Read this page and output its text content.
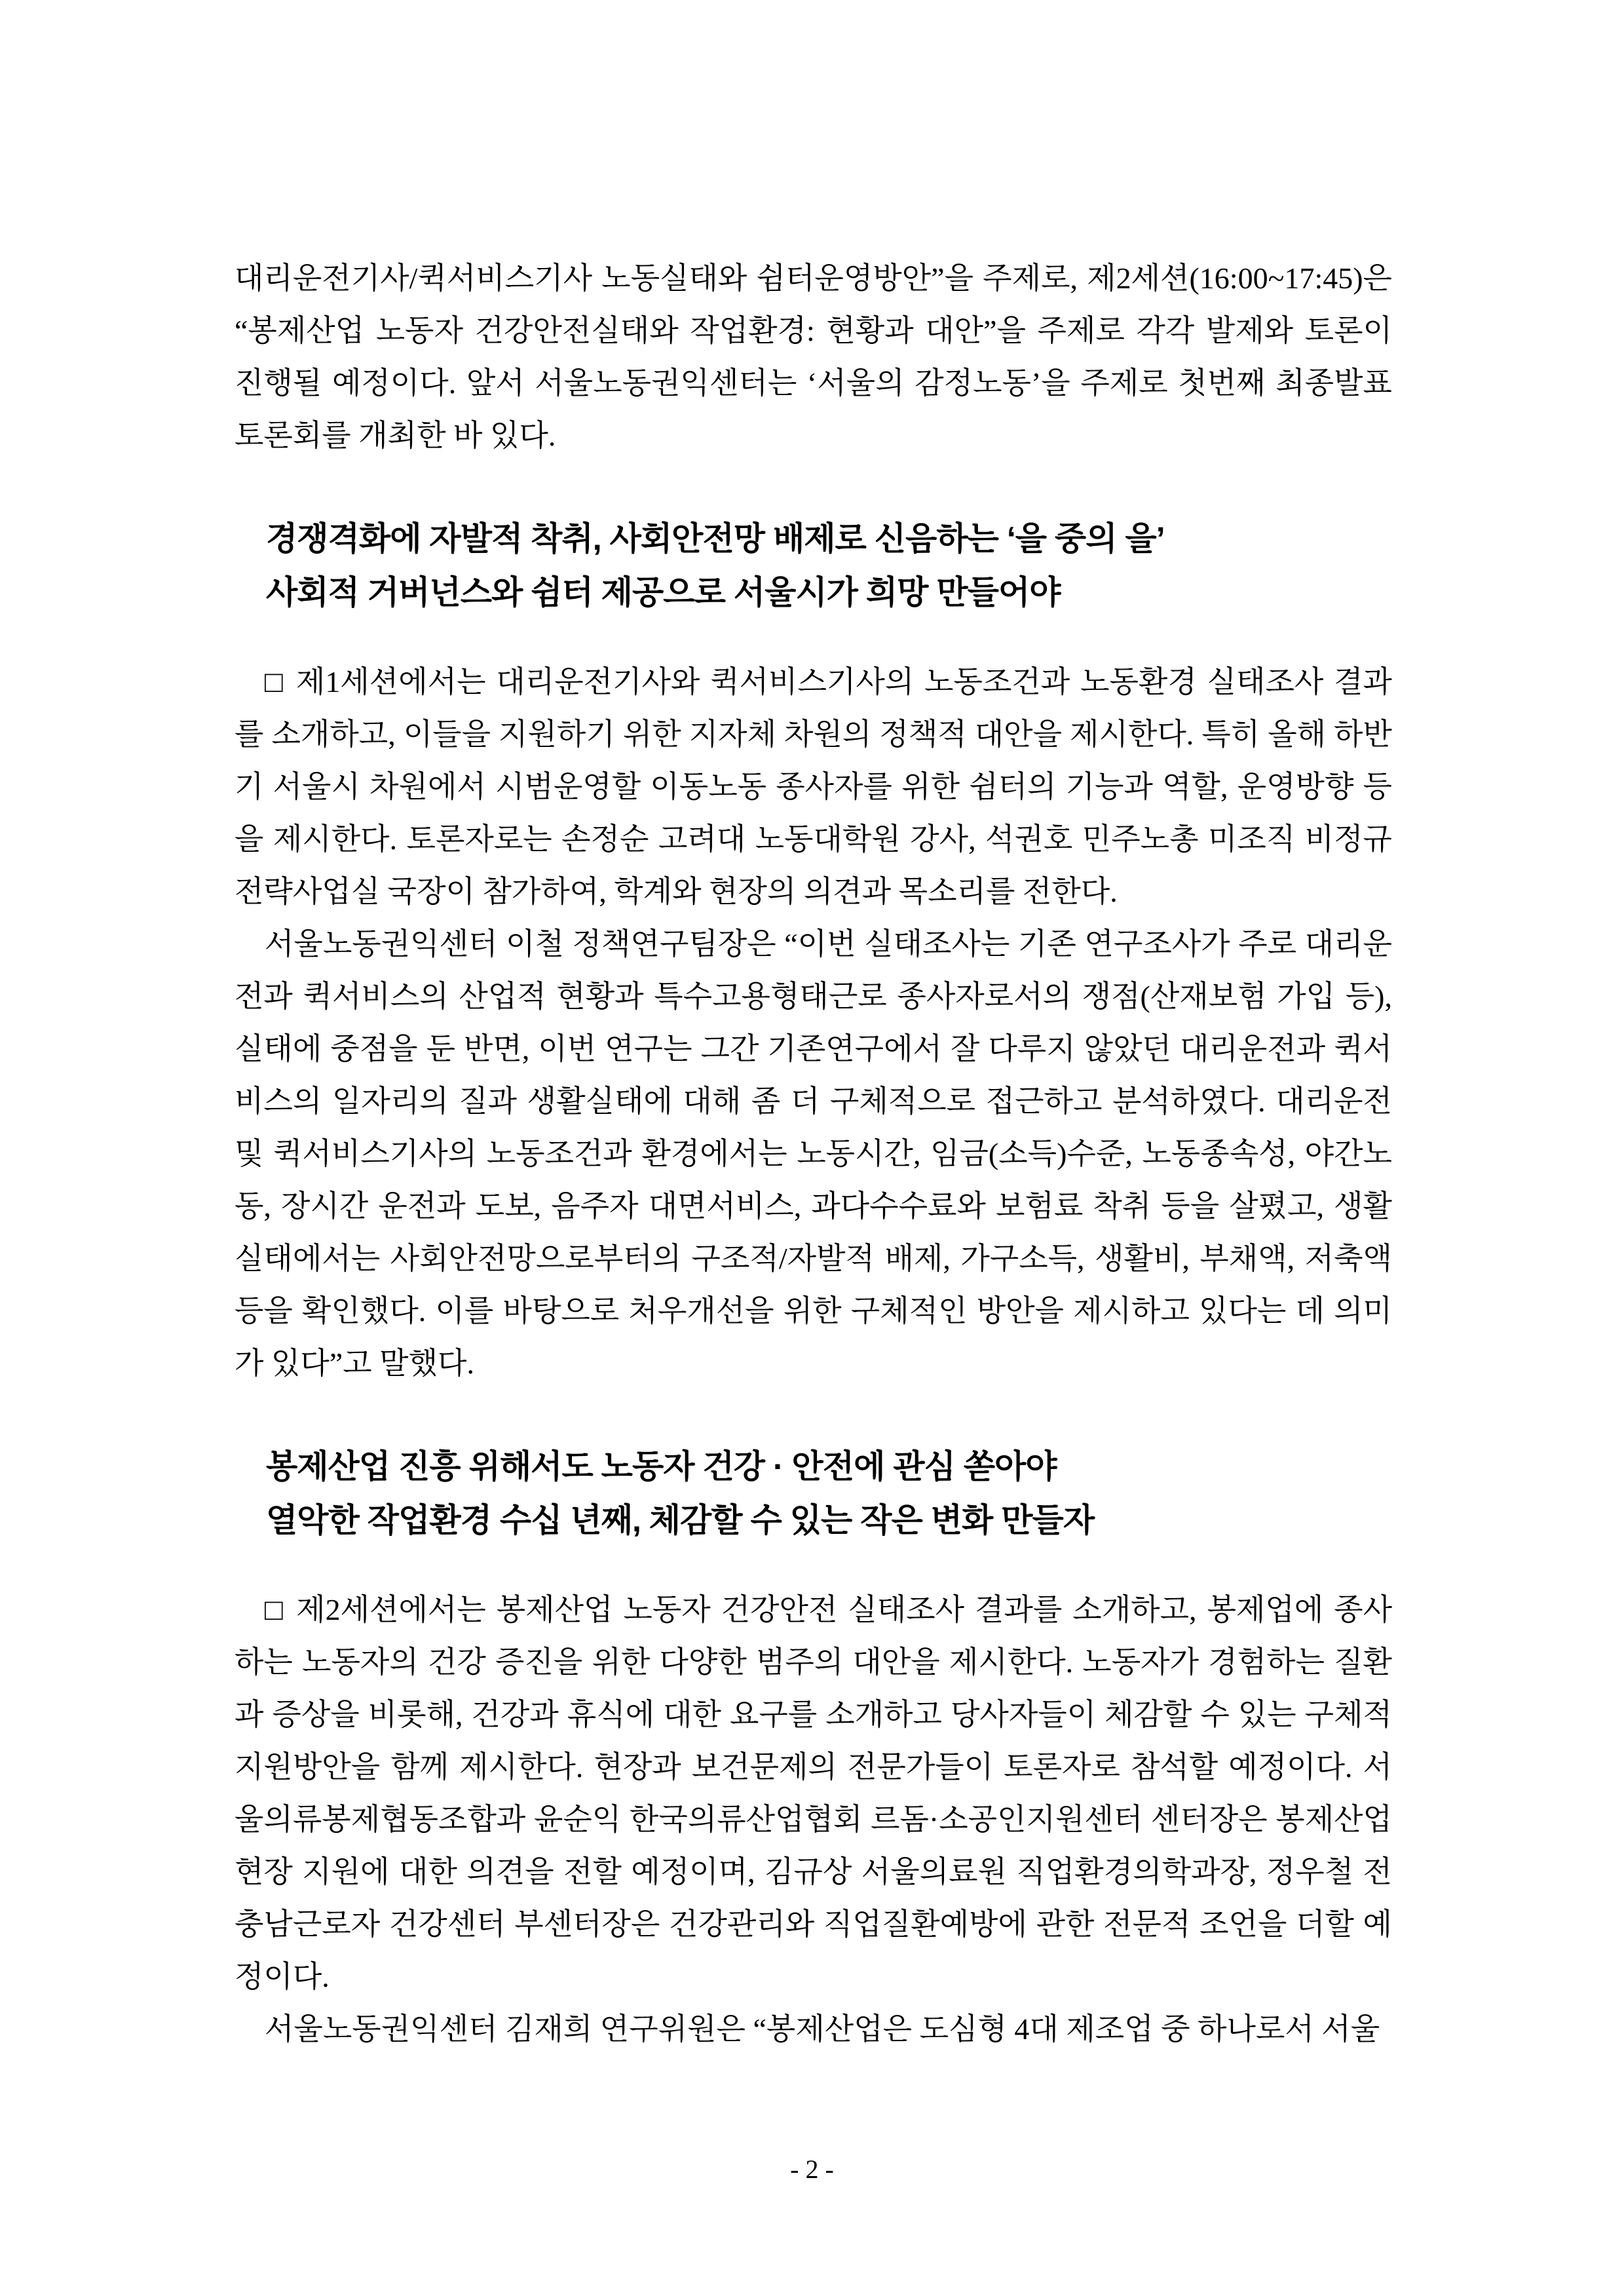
대리운전기사/퀵서비스기사 노동실태와 쉼터운영방안”을 주제로, 제2세션(16:00~17:45)은 “봉제산업 노동자 건강안전실태와 작업환경: 현황과 대안”을 주제로 각각 발제와 토론이 진행될 예정이다. 앞서 서울노동권익센터는 ‘서울의 감정노동’을 주제로 첫번째 최종발표 토론회를 개최한 바 있다.

경쟁격화에 자발적 착취, 사회안전망 배제로 신음하는 ‘을 중의 을’
사회적 거버넌스와 쉼터 제공으로 서울시가 희망 만들어야

□ 제1세션에서는 대리운전기사와 퀵서비스기사의 노동조건과 노동환경 실태조사 결과를 소개하고, 이들을 지원하기 위한 지자체 차원의 정책적 대안을 제시한다. 특히 올해 하반기 서울시 차원에서 시범운영할 이동노동 종사자를 위한 쉼터의 기능과 역할, 운영방향 등을 제시한다. 토론자로는 손정순 고려대 노동대학원 강사, 석권호 민주노총 미조직 비정규전략사업실 국장이 참가하여, 학계와 현장의 의견과 목소리를 전한다.

서울노동권익센터 이철 정책연구팀장은 “이번 실태조사는 기존 연구조사가 주로 대리운전과 퀵서비스의 산업적 현황과 특수고용형태근로 종사자로서의 쟁점(산재보험 가입 등), 실태에 중점을 둔 반면, 이번 연구는 그간 기존연구에서 잘 다루지 않았던 대리운전과 퀵서비스의 일자리의 질과 생활실태에 대해 좀 더 구체적으로 접근하고 분석하였다. 대리운전 및 퀵서비스기사의 노동조건과 환경에서는 노동시간, 임금(소득)수준, 노동종속성, 야간노동, 장시간 운전과 도보, 음주자 대면서비스, 과다수수료와 보험료 착취 등을 살폈고, 생활실태에서는 사회안전망으로부터의 구조적/자발적 배제, 가구소득, 생활비, 부채액, 저축액 등을 확인했다. 이를 바탕으로 처우개선을 위한 구체적인 방안을 제시하고 있다는 데 의미가 있다”고 말했다.

봉제산업 진흥 위해서도 노동자 건강 · 안전에 관심 쏟아야
열악한 작업환경 수십 년째, 체감할 수 있는 작은 변화 만들자

□ 제2세션에서는 봉제산업 노동자 건강안전 실태조사 결과를 소개하고, 봉제업에 종사하는 노동자의 건강 증진을 위한 다양한 범주의 대안을 제시한다. 노동자가 경험하는 질환과 증상을 비롯해, 건강과 휴식에 대한 요구를 소개하고 당사자들이 체감할 수 있는 구체적 지원방안을 함께 제시한다. 현장과 보건문제의 전문가들이 토론자로 참석할 예정이다. 서울의류봉제협동조합과 윤순익 한국의류산업협회 르돔·소공인지원센터 센터장은 봉제산업 현장 지원에 대한 의견을 전할 예정이며, 김규상 서울의료원 직업환경의학과장, 정우철 전 충남근로자 건강센터 부센터장은 건강관리와 직업질환예방에 관한 전문적 조언을 더할 예정이다.

서울노동권익센터 김재희 연구위원은 “봉제산업은 도심형 4대 제조업 중 하나로서 서울

- 2 -
